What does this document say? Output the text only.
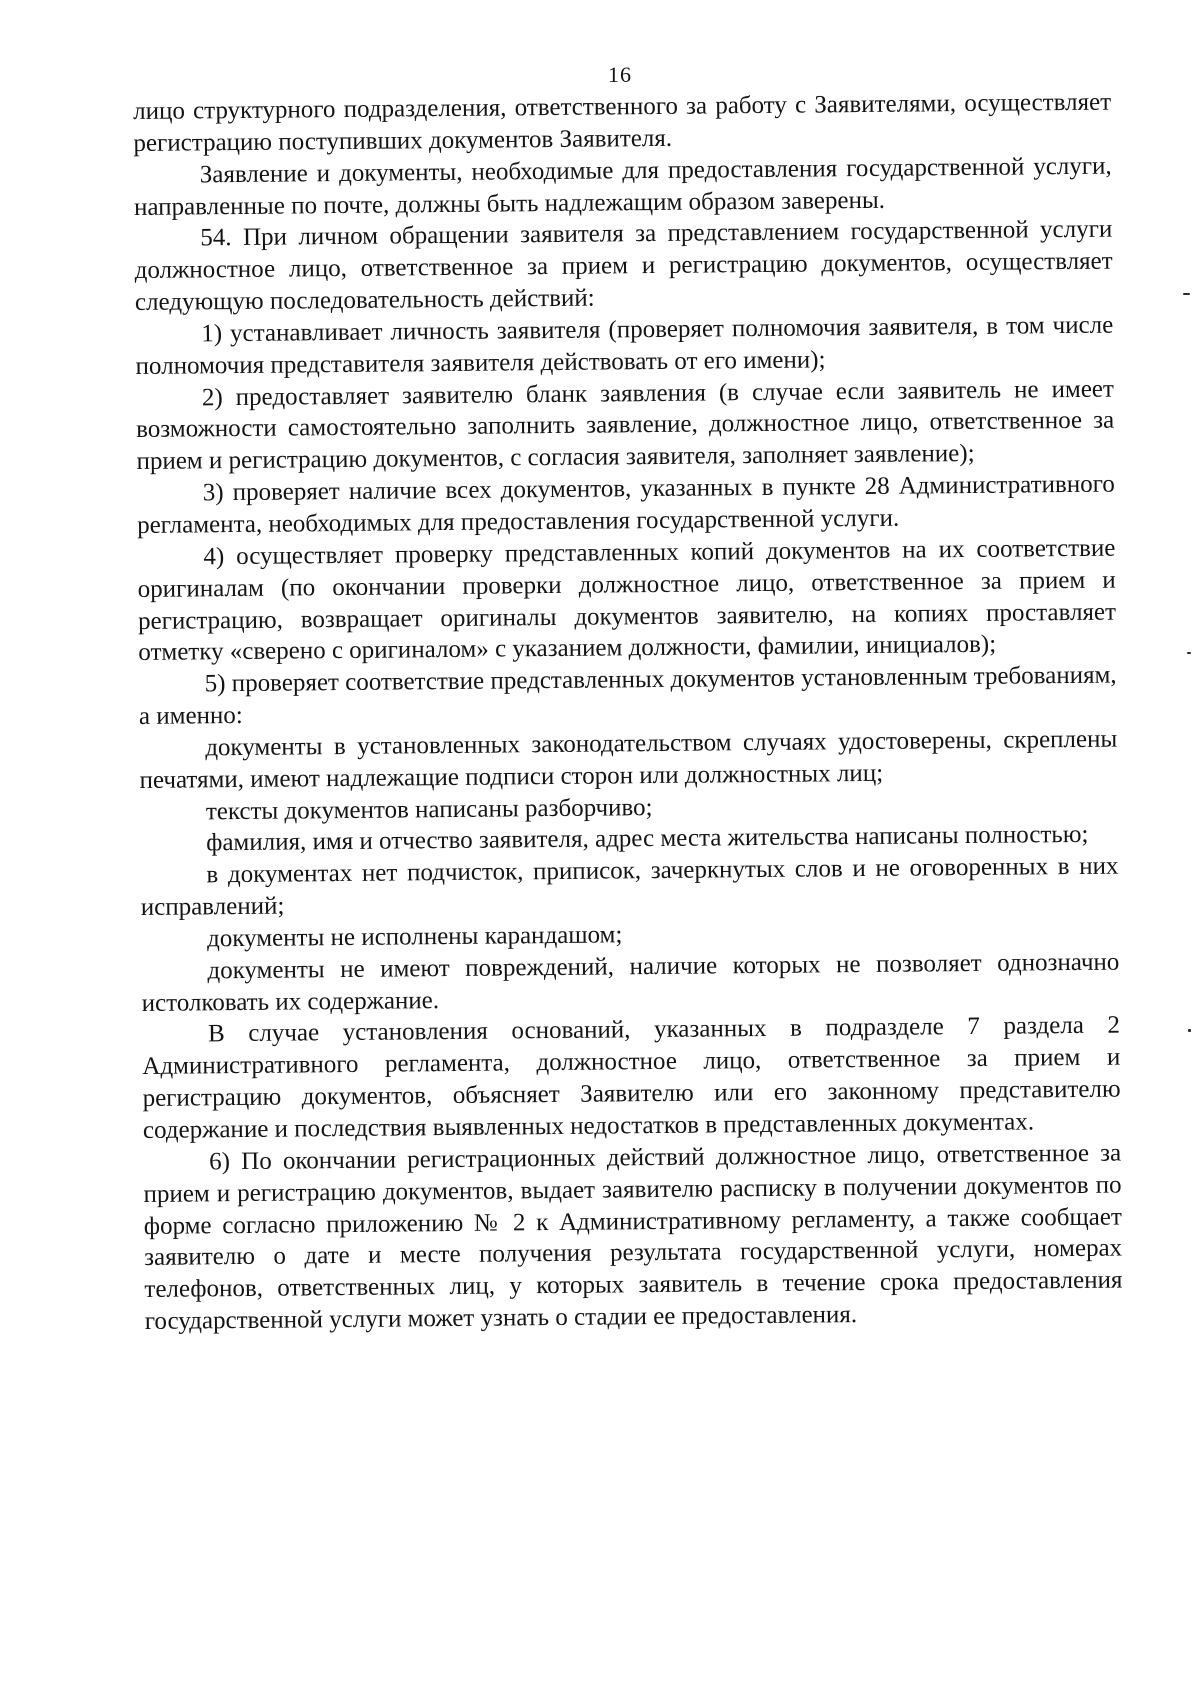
16

лицо структурного подразделения, ответственного за работу с Заявителями, осуществляет регистрацию поступивших документов Заявителя.

Заявление и документы, необходимые для предоставления государственной услуги, направленные по почте, должны быть надлежащим образом заверены.

54. При личном обращении заявителя за представлением государственной услуги должностное лицо, ответственное за прием и регистрацию документов, осуществляет следующую последовательность действий:

1) устанавливает личность заявителя (проверяет полномочия заявителя, в том числе полномочия представителя заявителя действовать от его имени);

2) предоставляет заявителю бланк заявления (в случае если заявитель не имеет возможности самостоятельно заполнить заявление, должностное лицо, ответственное за прием и регистрацию документов, с согласия заявителя, заполняет заявление);

3) проверяет наличие всех документов, указанных в пункте 28 Административного регламента, необходимых для предоставления государственной услуги.

4) осуществляет проверку представленных копий документов на их соответствие оригиналам (по окончании проверки должностное лицо, ответственное за прием и регистрацию, возвращает оригиналы документов заявителю, на копиях проставляет отметку «сверено с оригиналом» с указанием должности, фамилии, инициалов);

5) проверяет соответствие представленных документов установленным требованиям, а именно:

документы в установленных законодательством случаях удостоверены, скреплены печатями, имеют надлежащие подписи сторон или должностных лиц;

тексты документов написаны разборчиво;

фамилия, имя и отчество заявителя, адрес места жительства написаны полностью;

в документах нет подчисток, приписок, зачеркнутых слов и не оговоренных в них исправлений;

документы не исполнены карандашом;

документы не имеют повреждений, наличие которых не позволяет однозначно истолковать их содержание.

В случае установления оснований, указанных в подразделе 7 раздела 2 Административного регламента, должностное лицо, ответственное за прием и регистрацию документов, объясняет Заявителю или его законному представителю содержание и последствия выявленных недостатков в представленных документах.

6) По окончании регистрационных действий должностное лицо, ответственное за прием и регистрацию документов, выдает заявителю расписку в получении документов по форме согласно приложению № 2 к Административному регламенту, а также сообщает заявителю о дате и месте получения результата государственной услуги, номерах телефонов, ответственных лиц, у которых заявитель в течение срока предоставления государственной услуги может узнать о стадии ее предоставления.
